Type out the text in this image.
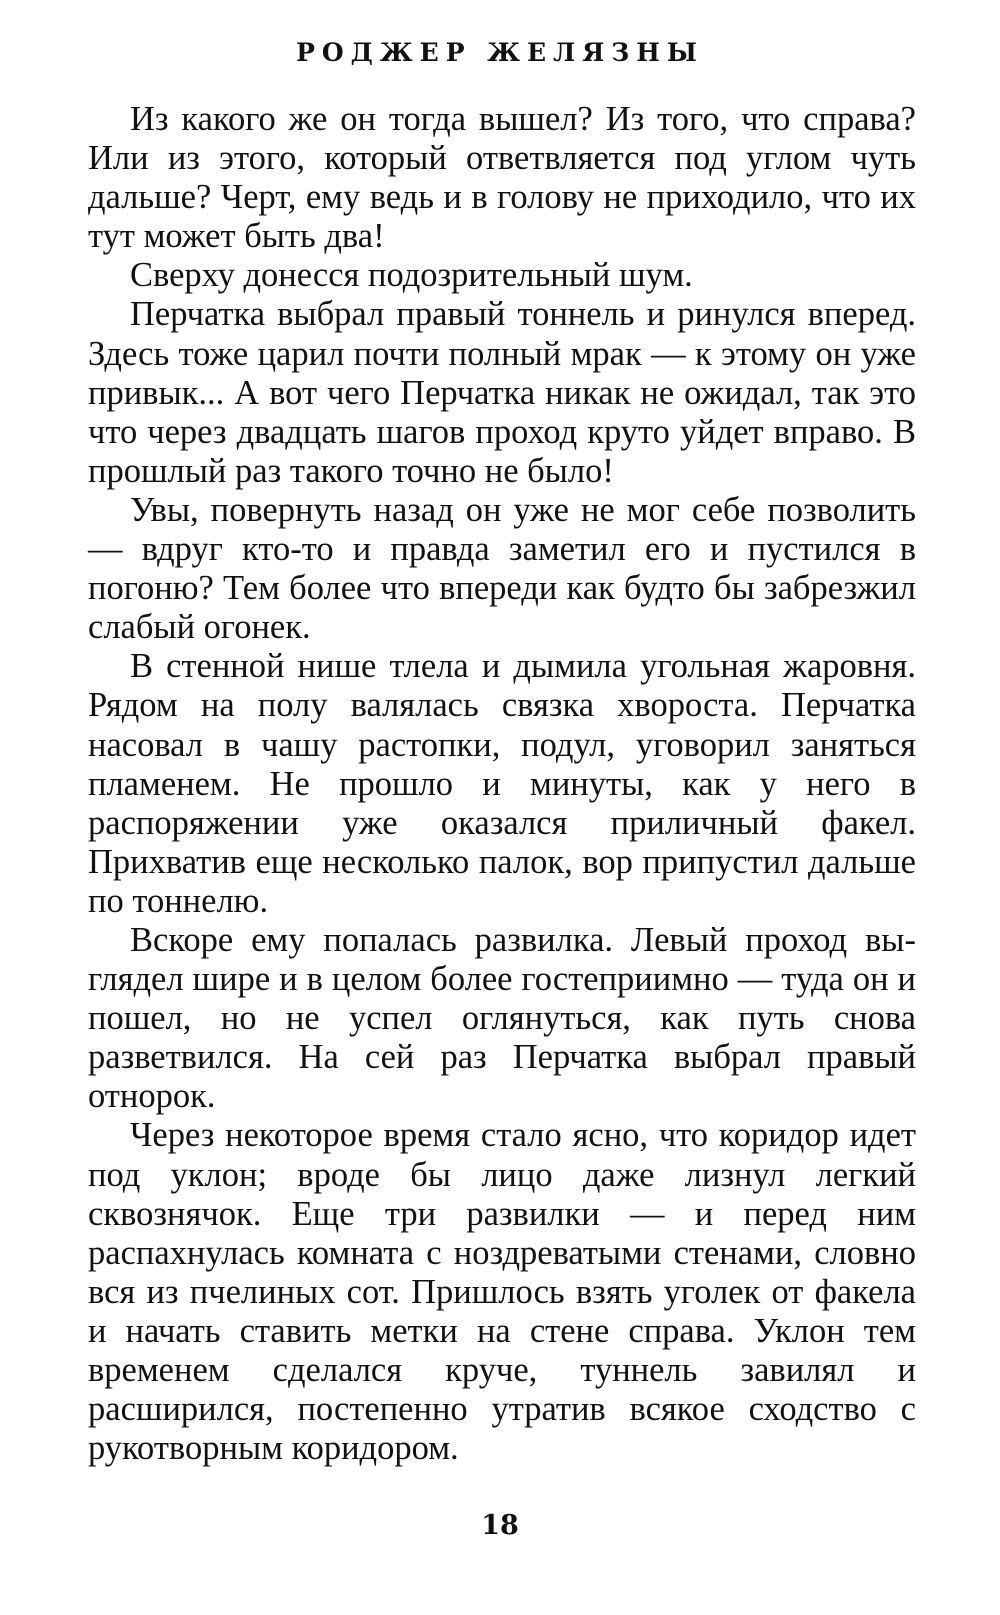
РОДЖЕР ЖЕЛЯЗНЫ

Из какого же он тогда вышел? Из того, что справа? Или из этого, который ответвляется под углом чуть дальше? Черт, ему ведь и в голову не приходило, что их тут может быть два!

Сверху донесся подозрительный шум.

Перчатка выбрал правый тоннель и ринулся вперед. Здесь тоже царил почти полный мрак — к этому он уже привык... А вот чего Перчатка никак не ожидал, так это что через двадцать шагов проход круто уйдет вправо. В прошлый раз такого точно не было!

Увы, повернуть назад он уже не мог себе позволить — вдруг кто-то и правда заметил его и пустился в погоню? Тем более что впереди как будто бы забрезжил слабый огонек.

В стенной нише тлела и дымила угольная жаровня. Рядом на полу валялась связка хвороста. Перчатка насовал в чашу растопки, подул, уговорил заняться пламенем. Не прошло и минуты, как у него в распоряжении уже оказался приличный факел. Прихватив еще несколько палок, вор припустил дальше по тоннелю.

Вскоре ему попалась развилка. Левый проход выглядел шире и в целом более гостеприимно — туда он и пошел, но не успел оглянуться, как путь снова разветвился. На сей раз Перчатка выбрал правый отнорок.

Через некоторое время стало ясно, что коридор идет под уклон; вроде бы лицо даже лизнул легкий сквознячок. Еще три развилки — и перед ним распахнулась комната с ноздреватыми стенами, словно вся из пчелиных сот. Пришлось взять уголек от факела и начать ставить метки на стене справа. Уклон тем временем сделался круче, туннель завилял и расширился, постепенно утратив всякое сходство с рукотворным коридором.

18
